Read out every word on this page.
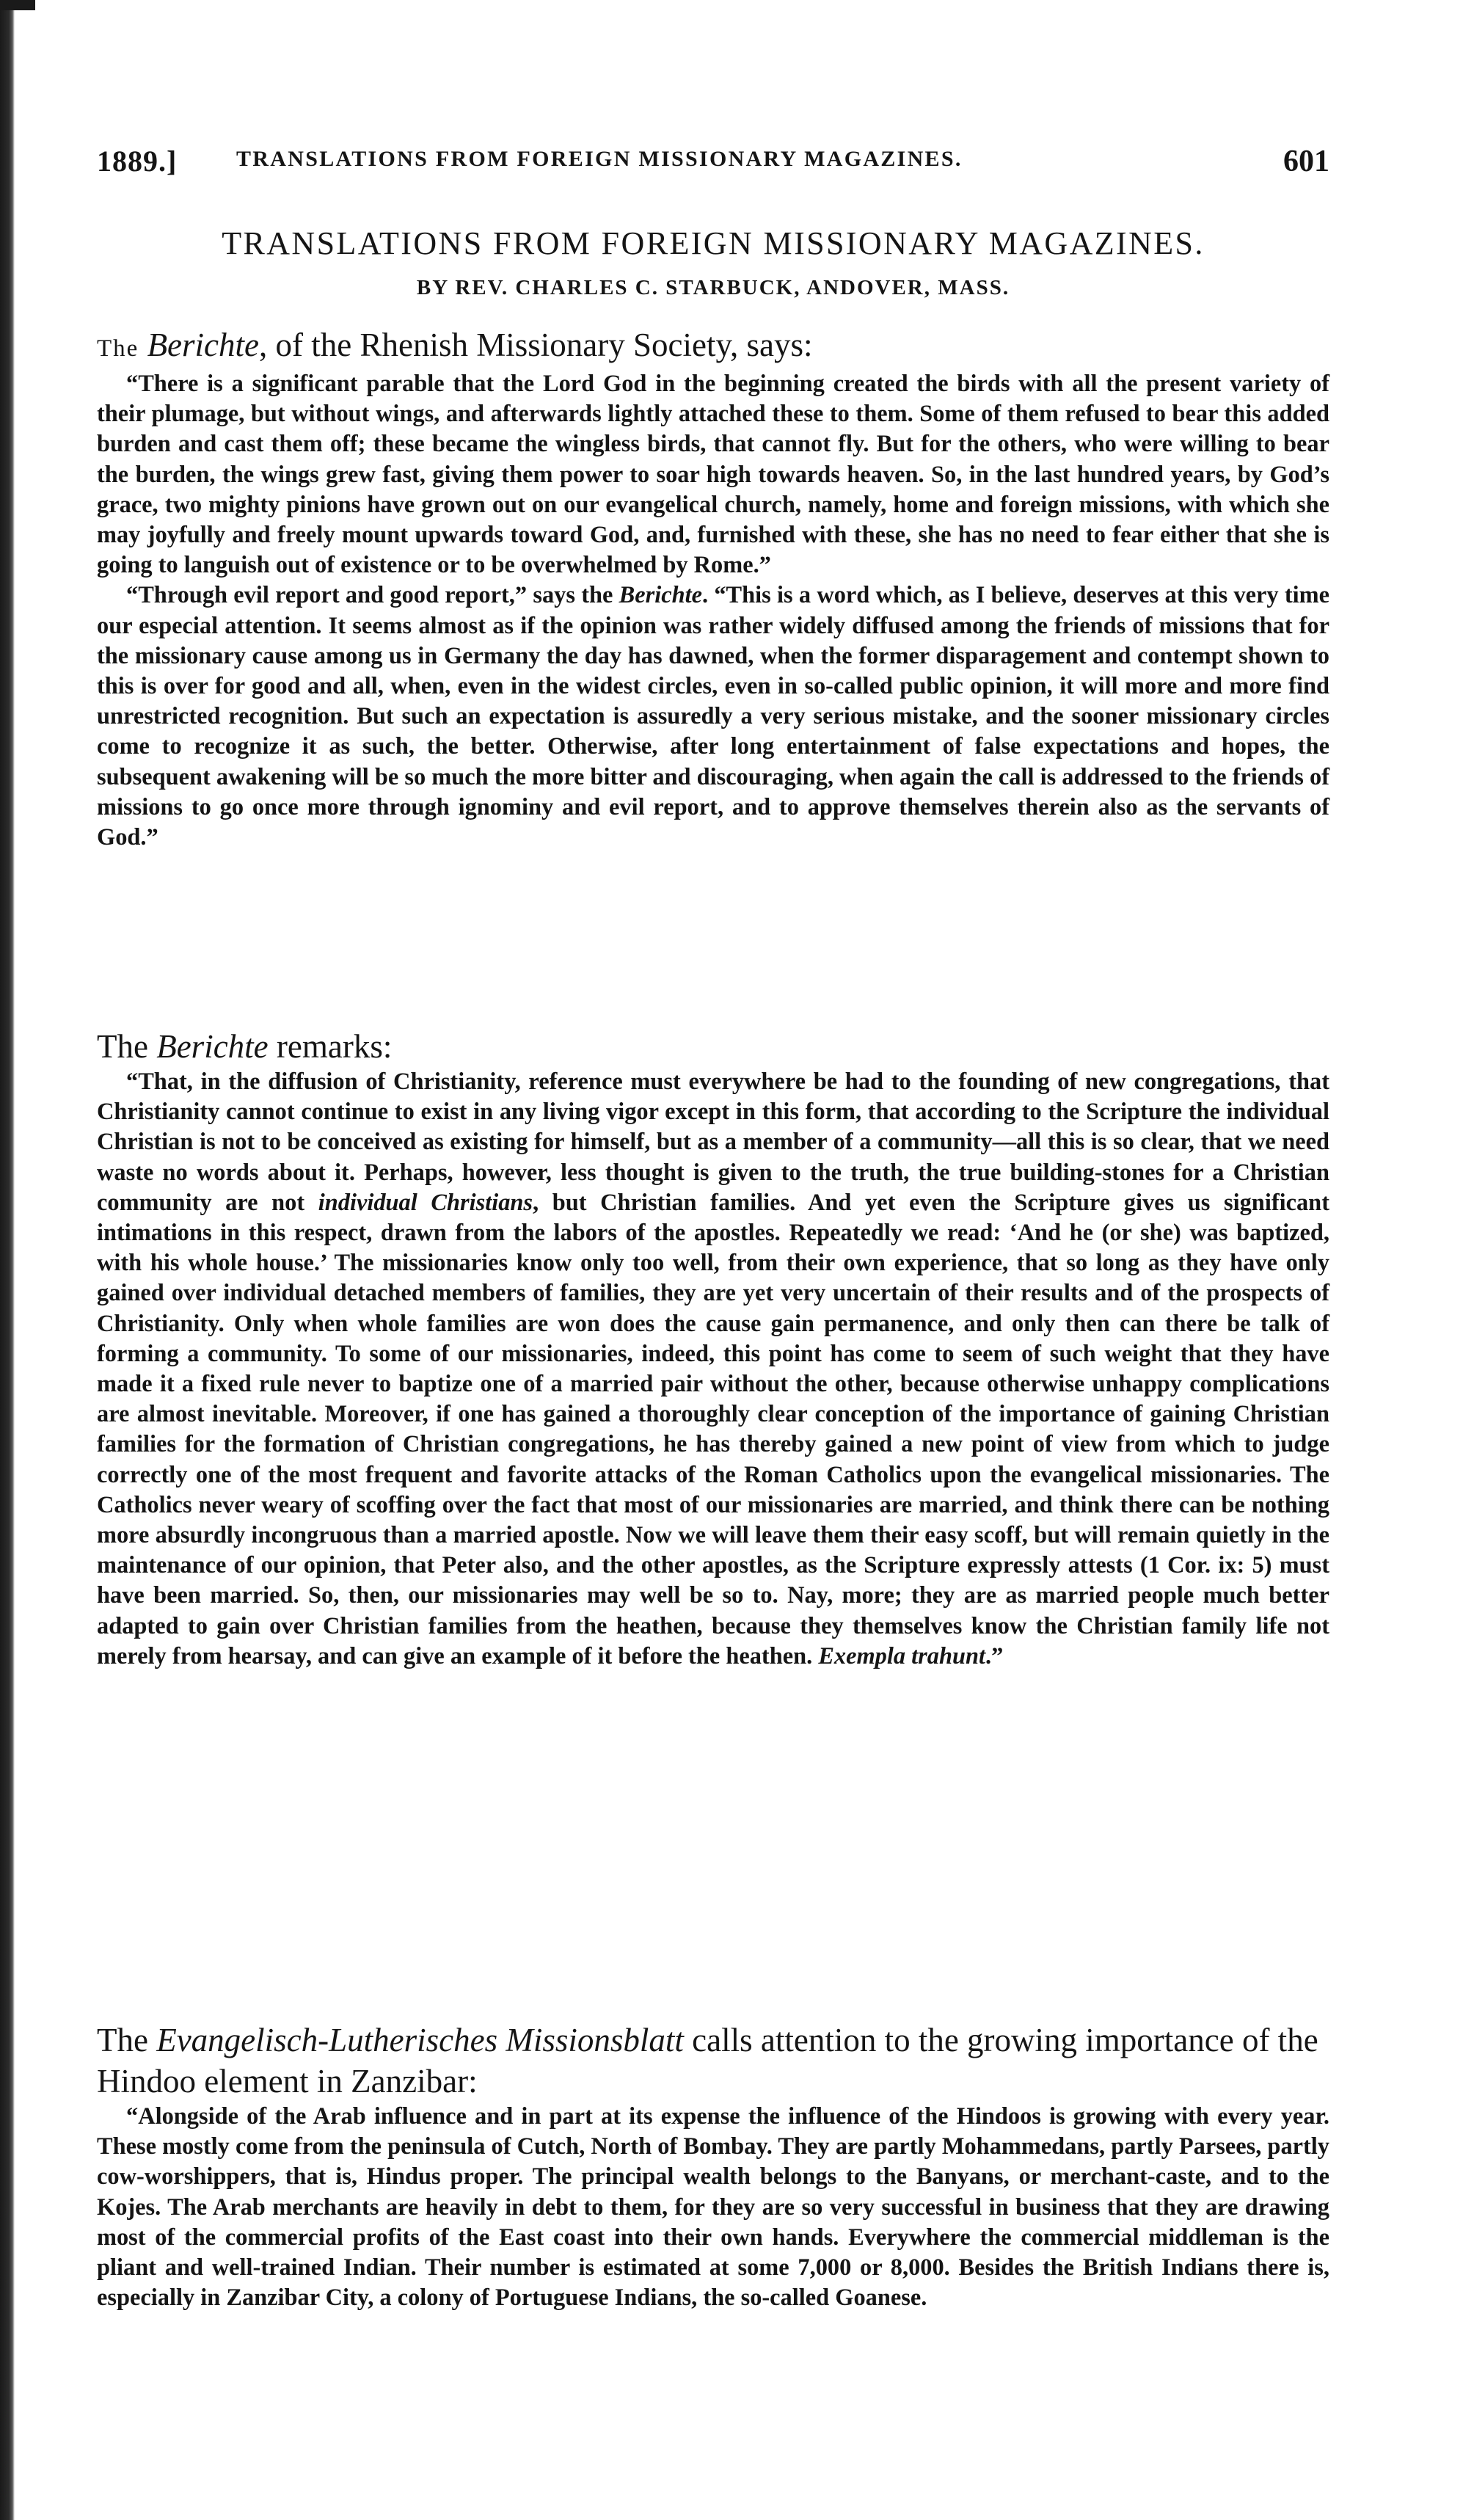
1889.]	TRANSLATIONS FROM FOREIGN MISSIONARY MAGAZINES.	601
TRANSLATIONS FROM FOREIGN MISSIONARY MAGAZINES.
BY REV. CHARLES C. STARBUCK, ANDOVER, MASS.

The Berichte, of the Rhenish Missionary Society, says:

“There is a significant parable that the Lord God in the beginning created the birds with all the present variety of their plumage, but without wings, and afterwards lightly attached these to them. Some of them refused to bear this added burden and cast them off; these became the wingless birds, that cannot fly. But for the others, who were willing to bear the burden, the wings grew fast, giving them power to soar high towards heaven. So, in the last hundred years, by God’s grace, two mighty pinions have grown out on our evangelical church, namely, home and foreign missions, with which she may joyfully and freely mount upwards toward God, and, furnished with these, she has no need to fear either that she is going to languish out of existence or to be overwhelmed by Rome.”

“Through evil report and good report,” says the Berichte. “This is a word which, as I believe, deserves at this very time our especial attention. It seems almost as if the opinion was rather widely diffused among the friends of missions that for the missionary cause among us in Germany the day has dawned, when the former disparagement and contempt shown to this is over for good and all, when, even in the widest circles, even in so-called public opinion, it will more and more find unrestricted recognition. But such an expectation is assuredly a very serious mistake, and the sooner missionary circles come to recognize it as such, the better. Otherwise, after long entertainment of false expectations and hopes, the subsequent awakening will be so much the more bitter and discouraging, when again the call is addressed to the friends of missions to go once more through ignominy and evil report, and to approve themselves therein also as the servants of God.”

The Berichte remarks:

“That, in the diffusion of Christianity, reference must everywhere be had to the founding of new congregations, that Christianity cannot continue to exist in any living vigor except in this form, that according to the Scripture the individual Christian is not to be conceived as existing for himself, but as a member of a community—all this is so clear, that we need waste no words about it. Perhaps, however, less thought is given to the truth, the true building-stones for a Christian community are not individual Christians, but Christian families. And yet even the Scripture gives us significant intimations in this respect, drawn from the labors of the apostles. Repeatedly we read: ‘And he (or she) was baptized, with his whole house.’ The missionaries know only too well, from their own experience, that so long as they have only gained over individual detached members of families, they are yet very uncertain of their results and of the prospects of Christianity. Only when whole families are won does the cause gain permanence, and only then can there be talk of forming a community. To some of our missionaries, indeed, this point has come to seem of such weight that they have made it a fixed rule never to baptize one of a married pair without the other, because otherwise unhappy complications are almost inevitable. Moreover, if one has gained a thoroughly clear conception of the importance of gaining Christian families for the formation of Christian congregations, he has thereby gained a new point of view from which to judge correctly one of the most frequent and favorite attacks of the Roman Catholics upon the evangelical missionaries. The Catholics never weary of scoffing over the fact that most of our missionaries are married, and think there can be nothing more absurdly incongruous than a married apostle. Now we will leave them their easy scoff, but will remain quietly in the maintenance of our opinion, that Peter also, and the other apostles, as the Scripture expressly attests (1 Cor. ix: 5) must have been married. So, then, our missionaries may well be so to. Nay, more; they are as married people much better adapted to gain over Christian families from the heathen, because they themselves know the Christian family life not merely from hearsay, and can give an example of it before the heathen. Exempla trahunt.”

The Evangelisch-Lutherisches Missionsblatt calls attention to the growing importance of the Hindoo element in Zanzibar:

“Alongside of the Arab influence and in part at its expense the influence of the Hindoos is growing with every year. These mostly come from the peninsula of Cutch, North of Bombay. They are partly Mohammedans, partly Parsees, partly cow-worshippers, that is, Hindus proper. The principal wealth belongs to the Banyans, or merchant-caste, and to the Kojes. The Arab merchants are heavily in debt to them, for they are so very successful in business that they are drawing most of the commercial profits of the East coast into their own hands. Everywhere the commercial middleman is the pliant and well-trained Indian. Their number is estimated at some 7,000 or 8,000. Besides the British Indians there is, especially in Zanzibar City, a colony of Portuguese Indians, the so-called Goanese.
